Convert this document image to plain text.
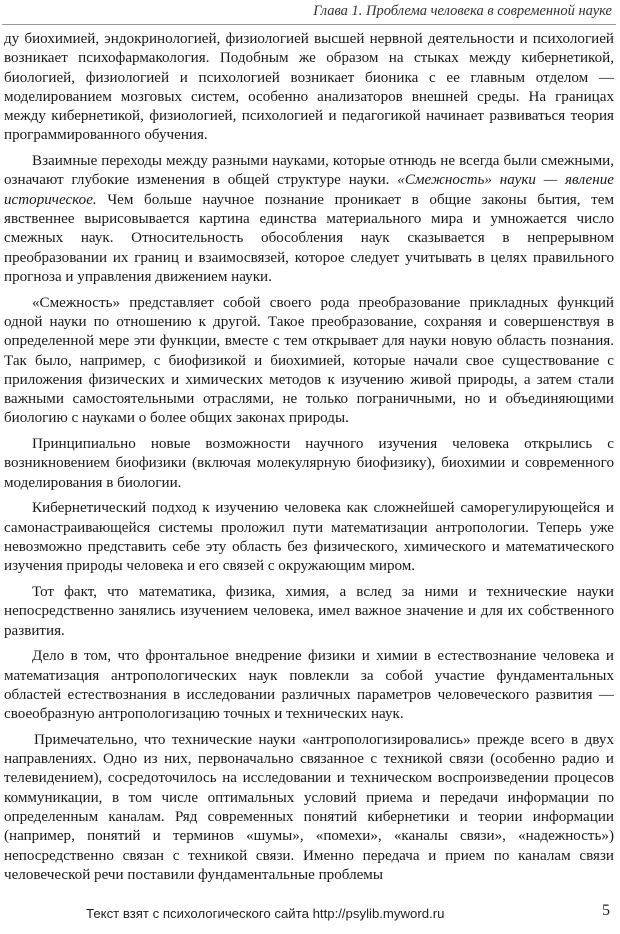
Глава 1. Проблема человека в современной науке

ду биохимией, эндокринологией, физиологией высшей нервной деятельности и психологией возникает психофармакология. Подобным же образом на стыках между кибернетикой, биологией, физиологией и психологией возникает бионика с ее главным отделом — моделированием мозговых систем, особенно анализаторов внешней среды. На границах между кибернетикой, физиологией, психологией и педагогикой начинает развиваться теория программированного обучения.

Взаимные переходы между разными науками, которые отнюдь не всегда были смежными, означают глубокие изменения в общей структуре науки. «Смежность» науки — явление историческое. Чем больше научное познание проникает в общие законы бытия, тем явственнее вырисовывается картина единства материального мира и умножается число смежных наук. Относительность обособления наук сказывается в непрерывном преобразовании их границ и взаимосвязей, которое следует учитывать в целях правильного прогноза и управления движением науки.

«Смежность» представляет собой своего рода преобразование прикладных функций одной науки по отношению к другой. Такое преобразование, сохраняя и совершенствуя в определенной мере эти функции, вместе с тем открывает для науки новую область познания. Так было, например, с биофизикой и биохимией, которые начали свое существование с приложения физических и химических методов к изучению живой природы, а затем стали важными самостоятельными отраслями, не только пограничными, но и объединяющими биологию с науками о более общих законах природы.

Принципиально новые возможности научного изучения человека открылись с возникновением биофизики (включая молекулярную биофизику), биохимии и современного моделирования в биологии.

Кибернетический подход к изучению человека как сложнейшей саморегулирующейся и самонастраивающейся системы проложил пути математизации антропологии. Теперь уже невозможно представить себе эту область без физического, химического и математического изучения природы человека и его связей с окружающим миром.

Тот факт, что математика, физика, химия, а вслед за ними и технические науки непосредственно занялись изучением человека, имел важное значение и для их собственного развития.

Дело в том, что фронтальное внедрение физики и химии в естествознание человека и математизация антропологических наук повлекли за собой участие фундаментальных областей естествознания в исследовании различных параметров человеческого развития — своеобразную антропологизацию точных и технических наук.

Примечательно, что технические науки «антропологизировались» прежде всего в двух направлениях. Одно из них, первоначально связанное с техникой связи (особенно радио и телевидением), сосредоточилось на исследовании и техническом воспроизведении процесов коммуникации, в том числе оптимальных условий приема и передачи информации по определенным каналам. Ряд современных понятий кибернетики и теории информации (например, понятий и терминов «шумы», «помехи», «каналы связи», «надежность») непосредственно связан с техникой связи. Именно передача и прием по каналам связи человеческой речи поставили фундаментальные проблемы

Текст взят с психологического сайта http://psylib.myword.ru	5
